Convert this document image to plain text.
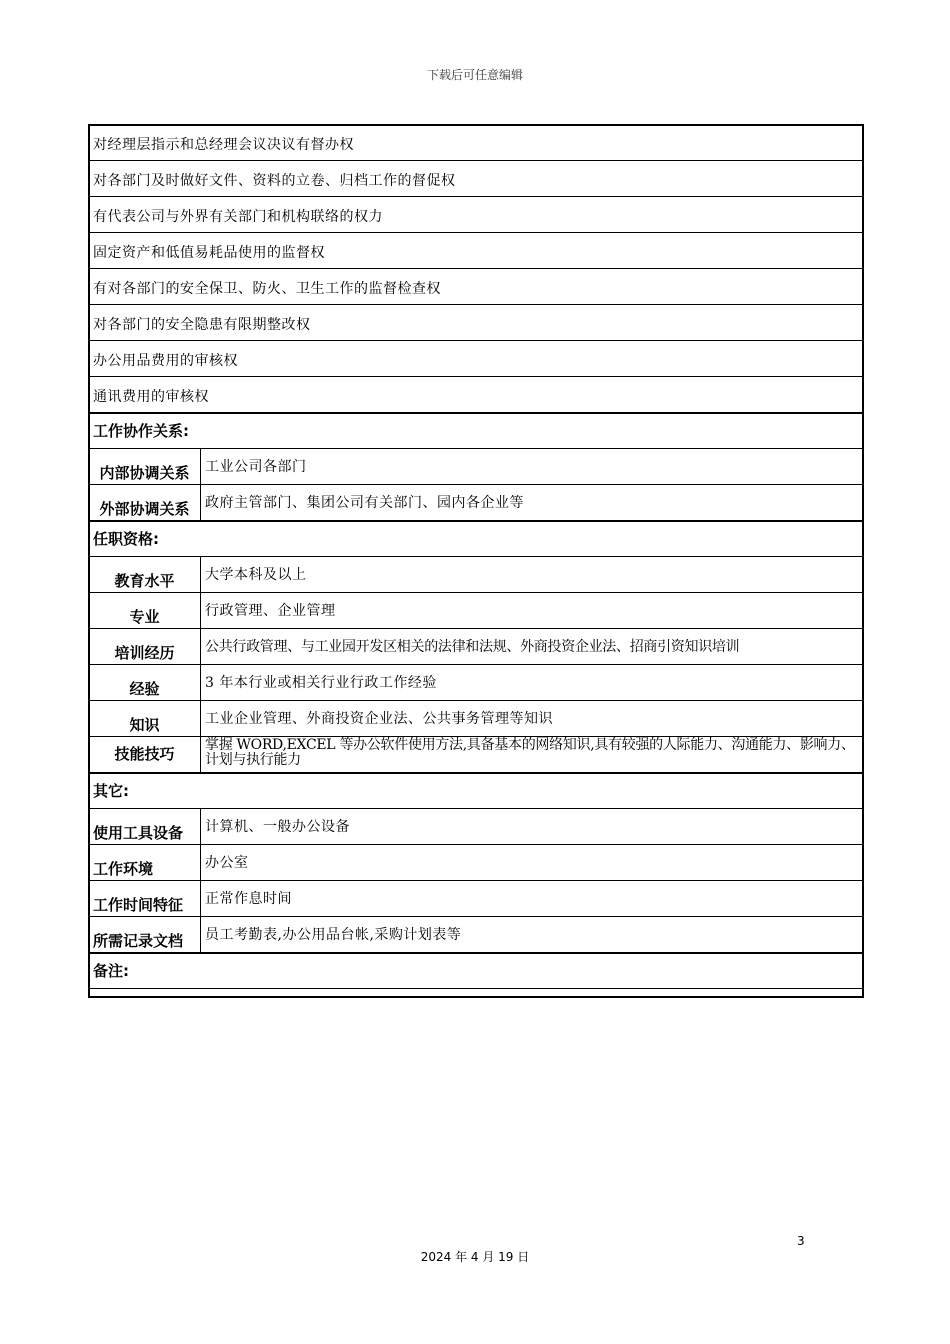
下载后可任意编辑
对经理层指示和总经理会议决议有督办权	
对各部门及时做好文件、资料的立卷、归档工作的督促权	
有代表公司与外界有关部门和机构联络的权力	
固定资产和低值易耗品使用的监督权	
有对各部门的安全保卫、防火、卫生工作的监督检查权	
对各部门的安全隐患有限期整改权	
办公用品费用的审核权	
通讯费用的审核权	
工作协作关系:	
内部协调关系	工业公司各部门
外部协调关系	政府主管部门、集团公司有关部门、园内各企业等
任职资格:	
教育水平	大学本科及以上
专业	行政管理、企业管理
培训经历	公共行政管理、与工业园开发区相关的法律和法规、外商投资企业法、招商引资知识培训
经验	3 年本行业或相关行业行政工作经验
知识	工业企业管理、外商投资企业法、公共事务管理等知识
技能技巧	掌握 WORD,EXCEL 等办公软件使用方法,具备基本的网络知识,具有较强的人际能力、沟通能力、影响力、计划与执行能力
其它:	
使用工具设备	计算机、一般办公设备
工作环境	办公室
工作时间特征	正常作息时间
所需记录文档	员工考勤表,办公用品台帐,采购计划表等
备注:	
3
2024 年 4 月 19 日
